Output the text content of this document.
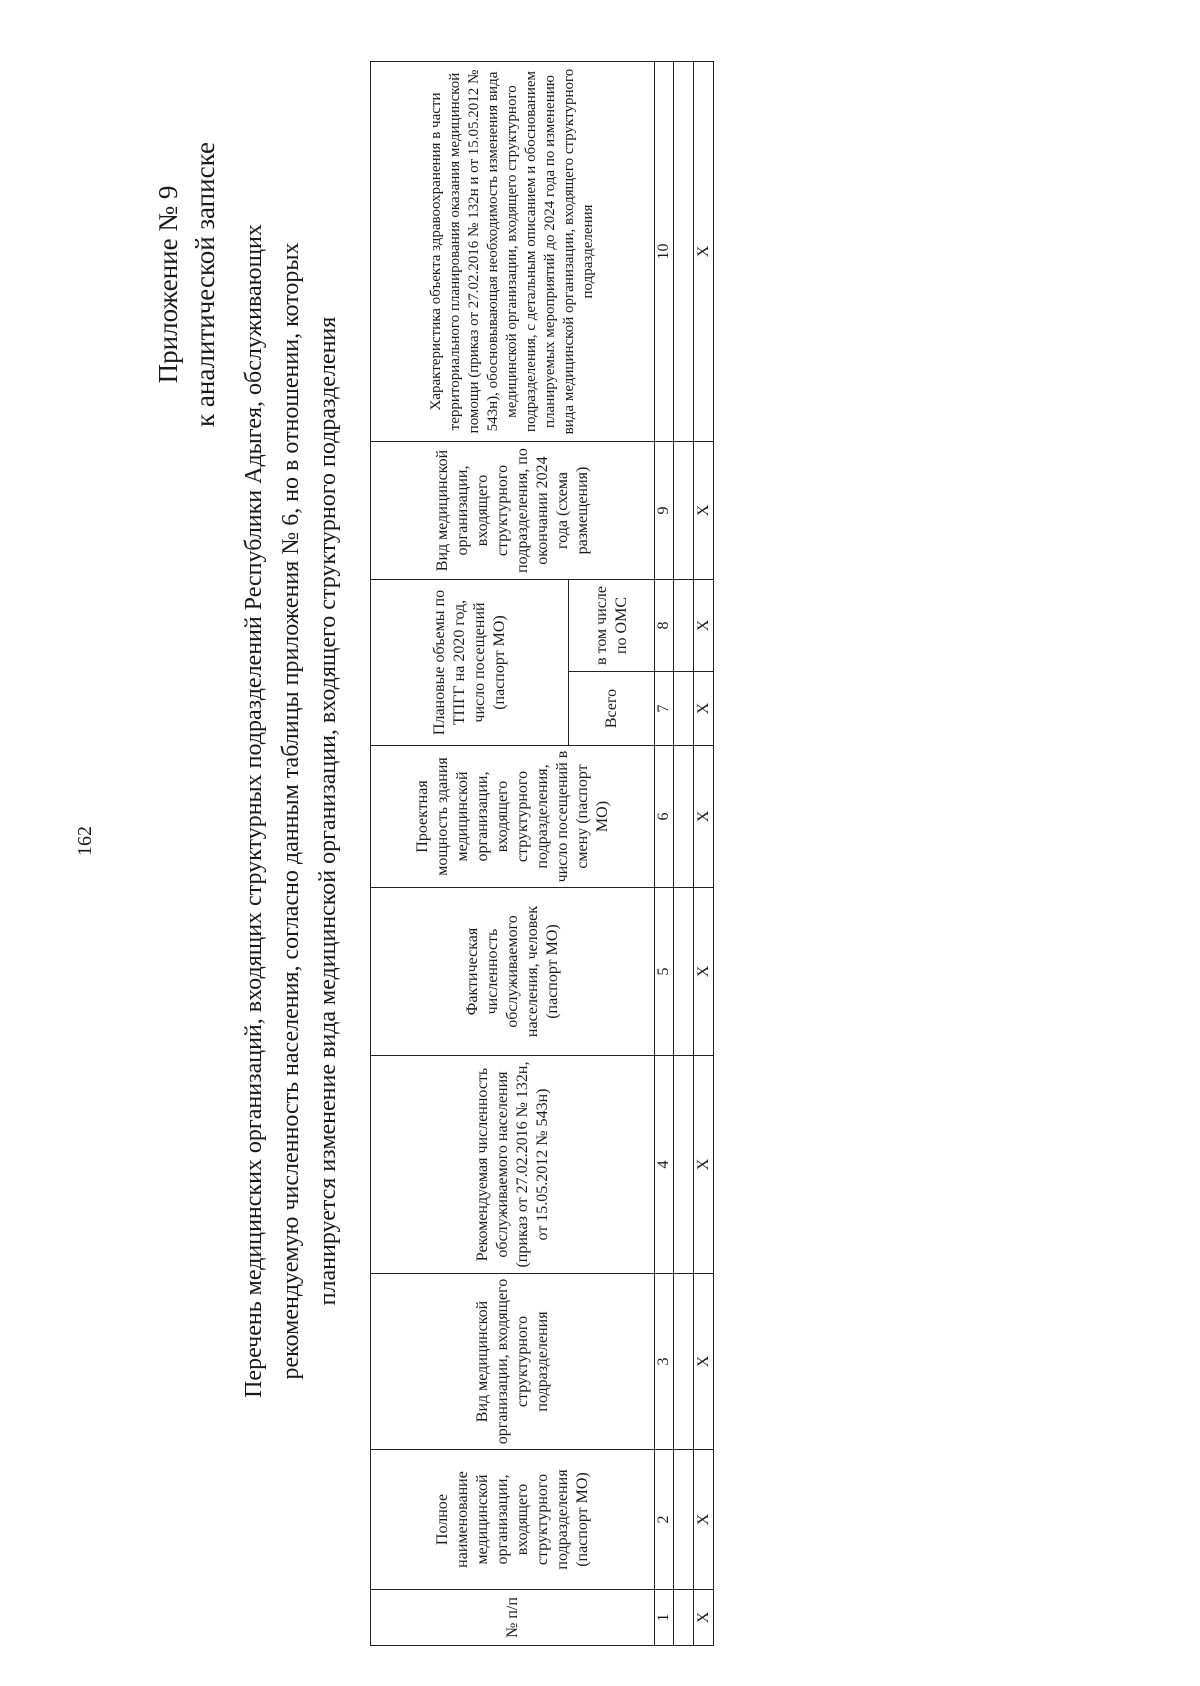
162
Приложение № 9 к аналитической записке Перечень медицинских организаций, входящих структурных подразделений Республики Адыгея, обслуживающих рекомендуемую численность населения, согласно данным таблицы приложения № 6, но в отношении, которых планируется изменение вида медицинской организации, входящего структурного подразделения
№ п/п	Полное наименование медицинской организации, входящего структурного подразделения (паспорт МО)	Вид медицинской организации, входящего структурного подразделения	Рекомендуемая численность обслуживаемого населения (приказ от 27.02.2016 № 132н, от 15.05.2012 № 543н)	Фактическая численность обслуживаемого населения, человек (паспорт МО)	Проектная мощность здания медицинской организации, входящего структурного подразделения, число посещений в смену (паспорт МО)	Плановые объемы по ТПГГ на 2020 год, число посещений (паспорт МО)		Вид медицинской организации, входящего структурного подразделения, по окончании 2024 года (схема размещения)	Характеристика объекта здравоохранения в части территориального планирования оказания медицинской помощи (приказ от 27.02.2016 № 132н и от 15.05.2012 № 543н), обосновывающая необходимость изменения вида медицинской организации, входящего структурного подразделения, с детальным описанием и обоснованием планируемых мероприятий до 2024 года по изменению вида медицинской организации, входящего структурного подразделения
						Всего	в том числе по ОМС		
1	2	3	4	5	6	7	8	9	10

Х	Х	Х	Х	Х	Х	Х	Х	Х	Х
